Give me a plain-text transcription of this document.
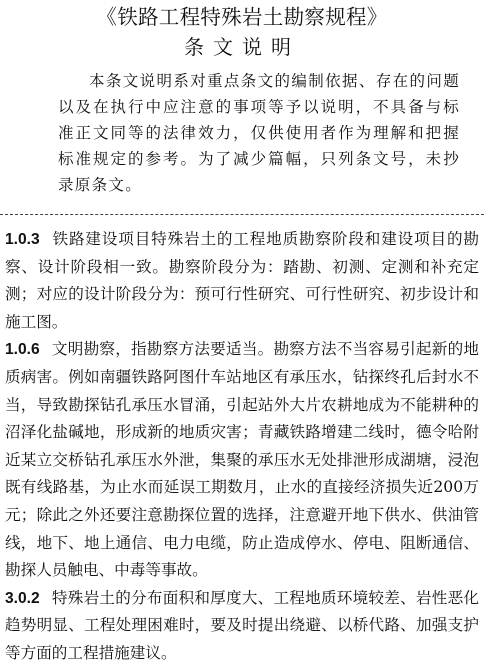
《铁路工程特殊岩土勘察规程》
条文说明
本条文说明系对重点条文的编制依据、存在的问题以及在执行中应注意的事项等予以说明，不具备与标准正文同等的法律效力，仅供使用者作为理解和把握标准规定的参考。为了减少篇幅，只列条文号，未抄录原条文。

1.0.3 铁路建设项目特殊岩土的工程地质勘察阶段和建设项目的勘察、设计阶段相一致。勘察阶段分为：踏勘、初测、定测和补充定测；对应的设计阶段分为：预可行性研究、可行性研究、初步设计和施工图。

1.0.6 文明勘察，指勘察方法要适当。勘察方法不当容易引起新的地质病害。例如南疆铁路阿图什车站地区有承压水，钻探终孔后封水不当，导致勘探钻孔承压水冒涌，引起站外大片农耕地成为不能耕种的沼泽化盐碱地，形成新的地质灾害；青藏铁路增建二线时，德令哈附近某立交桥钻孔承压水外泄，集聚的承压水无处排泄形成湖塘，浸泡既有线路基，为止水而延误工期数月，止水的直接经济损失近200万元；除此之外还要注意勘探位置的选择，注意避开地下供水、供油管线，地下、地上通信、电力电缆，防止造成停水、停电、阻断通信、勘探人员触电、中毒等事故。

3.0.2 特殊岩土的分布面积和厚度大、工程地质环境较差、岩性恶化趋势明显、工程处理困难时，要及时提出绕避、以桥代路、加强支护等方面的工程措施建议。
